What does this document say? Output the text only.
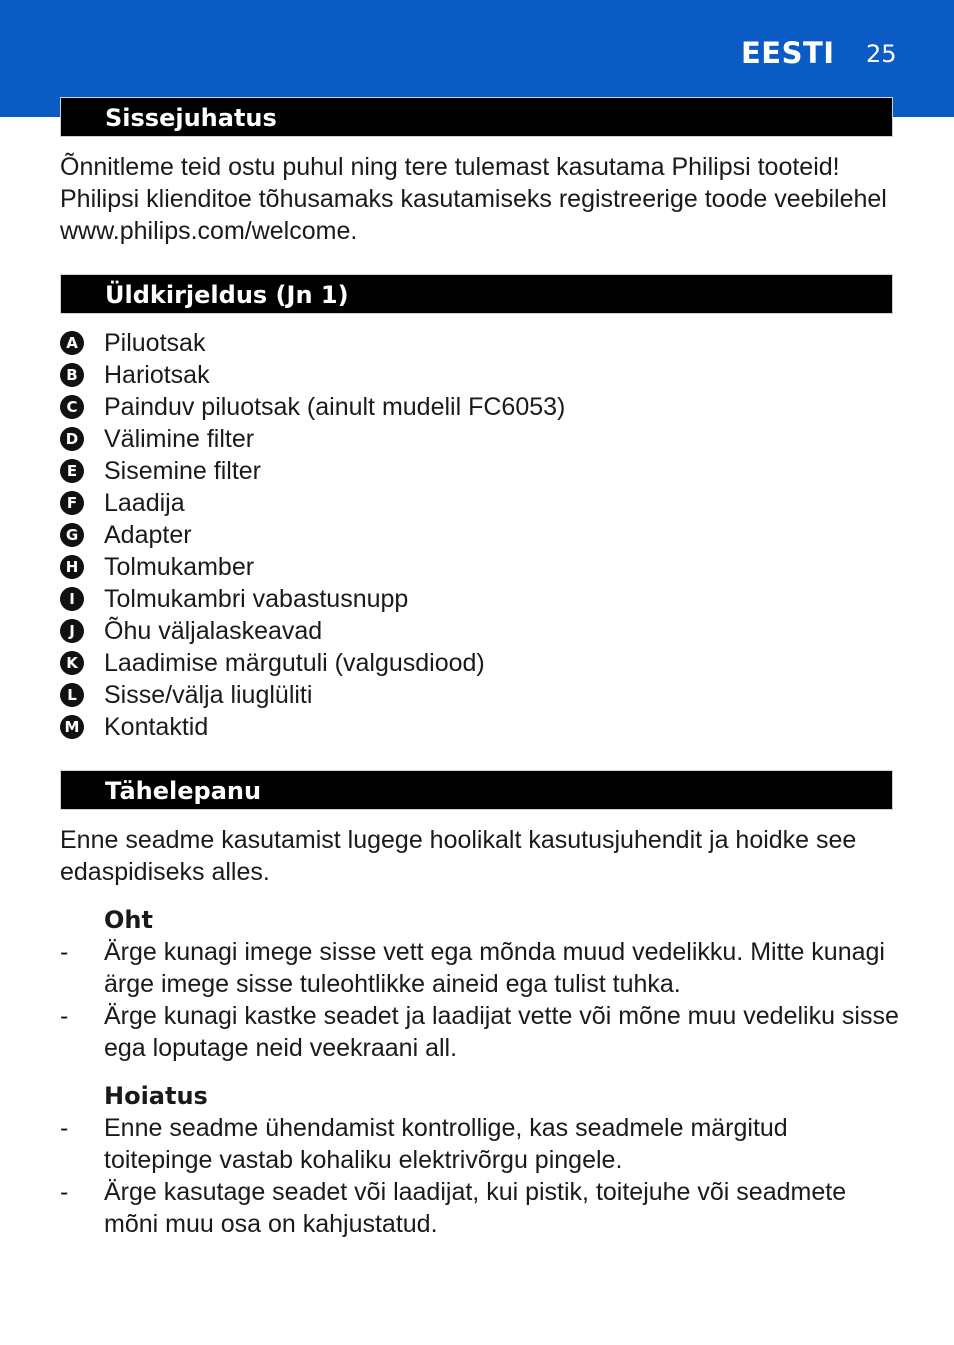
EESTI 25
Sissejuhatus

Õnnitleme teid ostu puhul ning tere tulemast kasutama Philipsi tooteid! Philipsi klienditoe tõhusamaks kasutamiseks registreerige toode veebilehel www.philips.com/welcome.

Üldkirjeldus (Jn 1)
A Piluotsak
B Hariotsak
C Painduv piluotsak (ainult mudelil FC6053)
D Välimine filter
E Sisemine filter
F Laadija
G Adapter
H Tolmukamber
I	Tolmukambri vabastusnupp
J	Õhu väljalaskeavad
K Laadimise märgutuli (valgusdiood)
L Sisse/välja liuglüliti
M Kontaktid
Tähelepanu

Enne seadme kasutamist lugege hoolikalt kasutusjuhendit ja hoidke see edaspidiseks alles.

Oht
-	Ärge kunagi imege sisse vett ega mõnda muud vedelikku. Mitte kunagi ärge imege sisse tuleohtlikke aineid ega tulist tuhka.
-	Ärge kunagi kastke seadet ja laadijat vette või mõne muu vedeliku sisse ega loputage neid veekraani all.
Hoiatus
-	Enne seadme ühendamist kontrollige, kas seadmele märgitud toitepinge vastab kohaliku elektrivõrgu pingele.
-	Ärge kasutage seadet või laadijat, kui pistik, toitejuhe või seadmete mõni muu osa on kahjustatud.
